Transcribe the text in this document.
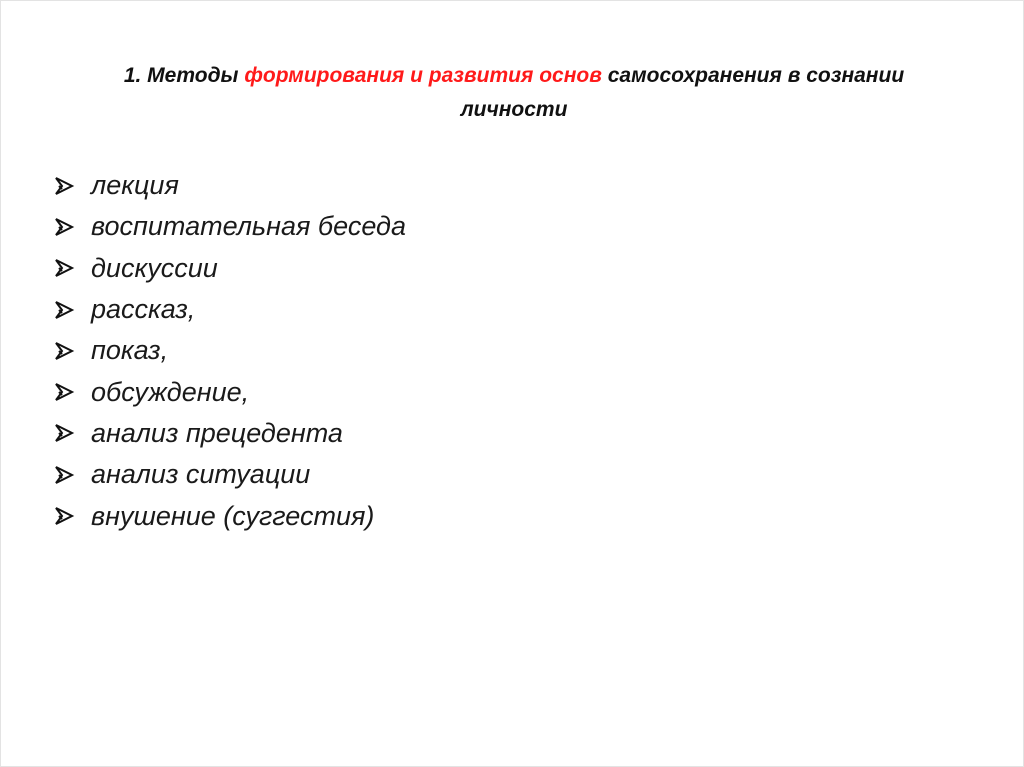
1. Методы формирования и развития основ самосохранения в сознании личности
лекция
воспитательная беседа
дискуссии
рассказ,
показ,
обсуждение,
анализ прецедента
анализ ситуации
внушение (суггестия)
